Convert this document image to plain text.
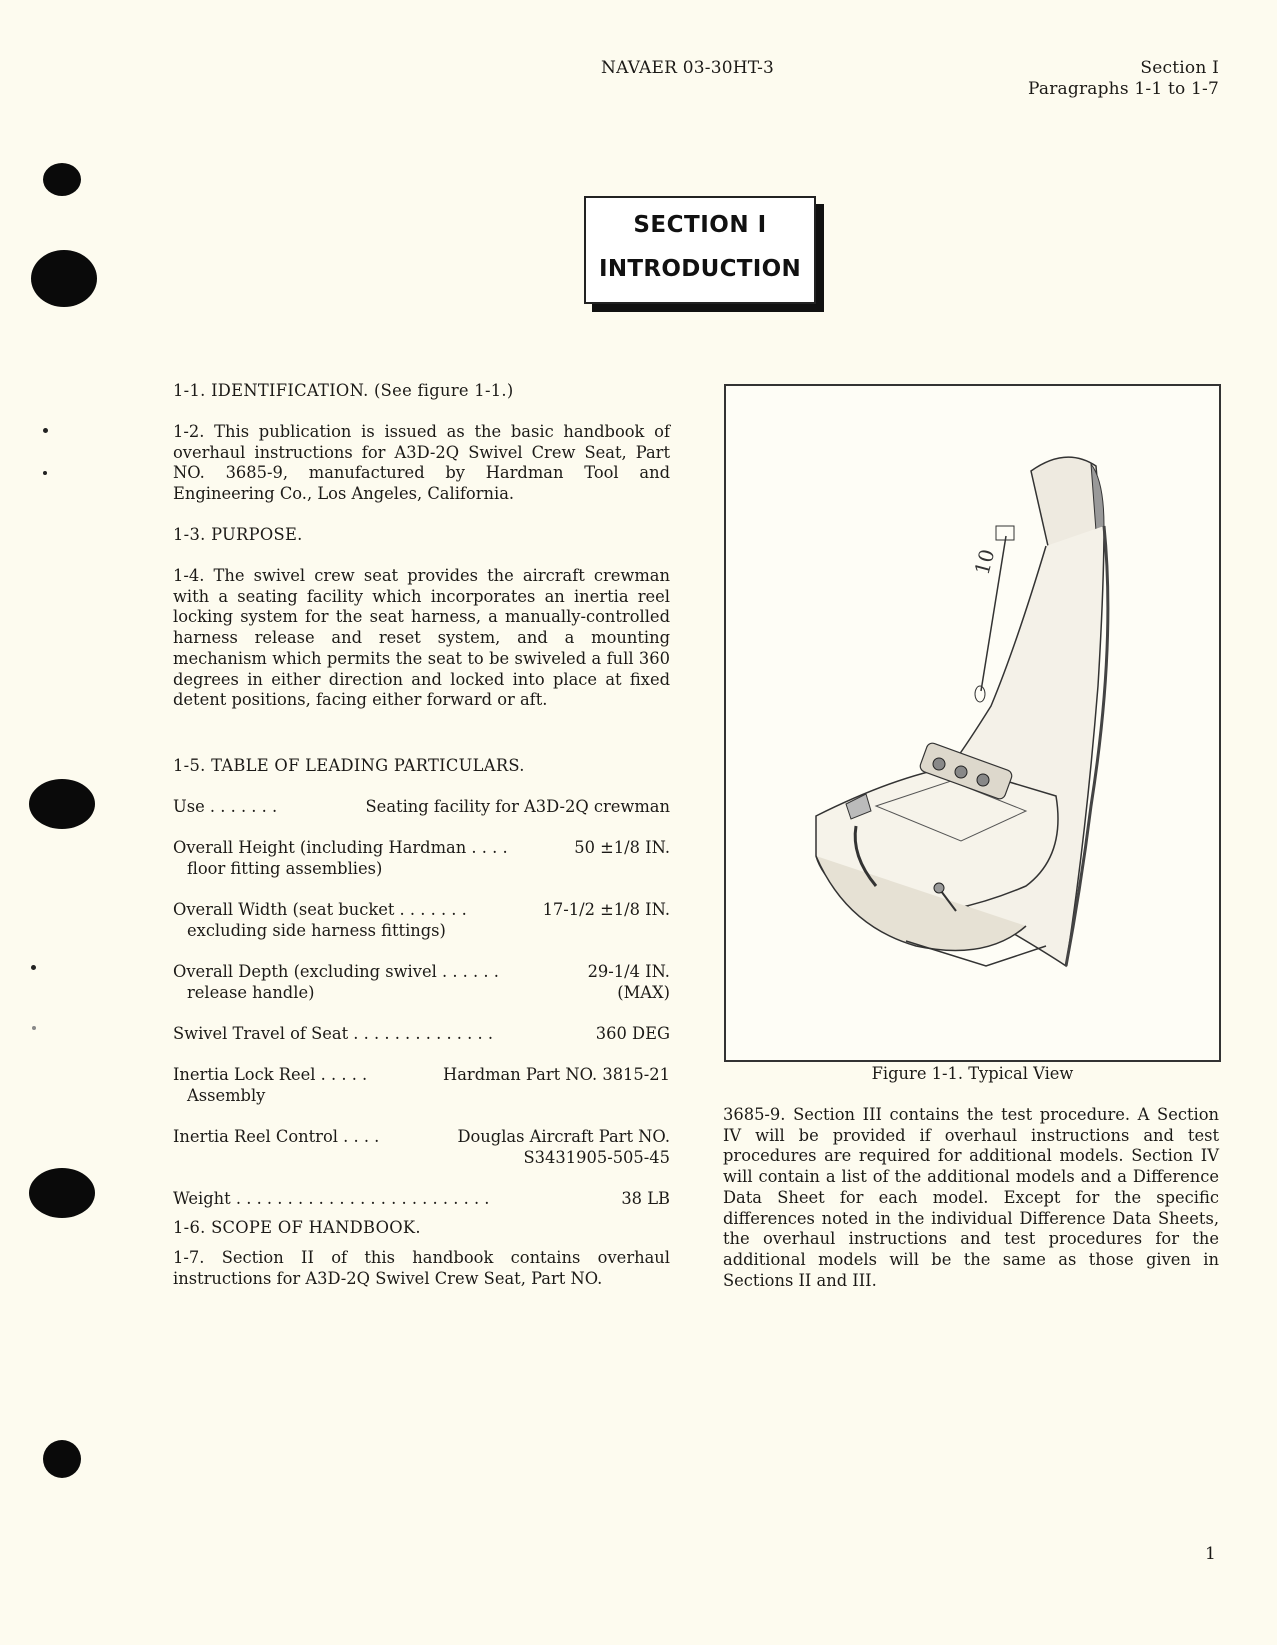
NAVAER 03-30HT-3	Section I
Paragraphs 1-1 to 1-7
SECTION I
INTRODUCTION

1-1. IDENTIFICATION. (See figure 1-1.)

1-2. This publication is issued as the basic handbook of overhaul instructions for A3D-2Q Swivel Crew Seat, Part NO. 3685-9, manufactured by Hardman Tool and Engineering Co., Los Angeles, California.

1-3. PURPOSE.

1-4. The swivel crew seat provides the aircraft crewman with a seating facility which incorporates an inertia reel locking system for the seat harness, a manually-controlled harness release and reset system, and a mounting mechanism which permits the seat to be swiveled a full 360 degrees in either direction and locked into place at fixed detent positions, facing either forward or aft.

1-5. TABLE OF LEADING PARTICULARS.

Use . . . . . . .	Seating facility for A3D-2Q crewman
Overall Height (including Hardman . . . .	50 ±1/8 IN.
floor fitting assemblies)
Overall Width (seat bucket . . . . . . .	17-1/2 ±1/8 IN.
excluding side harness fittings)
Overall Depth (excluding swivel . . . . . .	29-1/4 IN.
release handle)	(MAX)
Swivel Travel of Seat . . . . . . . . . . . . . .	360 DEG
Inertia Lock Reel . . . . .	Hardman Part NO. 3815-21
Assembly
Inertia Reel Control . . . .	Douglas Aircraft Part NO.
S3431905-505-45
Weight . . . . . . . . . . . . . . . . . . . . . . . . .	38 LB

1-6. SCOPE OF HANDBOOK.

1-7. Section II of this handbook contains overhaul instructions for A3D-2Q Swivel Crew Seat, Part NO.

10
Figure 1-1. Typical View

3685-9. Section III contains the test procedure. A Section IV will be provided if overhaul instructions and test procedures are required for additional models. Section IV will contain a list of the additional models and a Difference Data Sheet for each model. Except for the specific differences noted in the individual Difference Data Sheets, the overhaul instructions and test procedures for the additional models will be the same as those given in Sections II and III.

1
